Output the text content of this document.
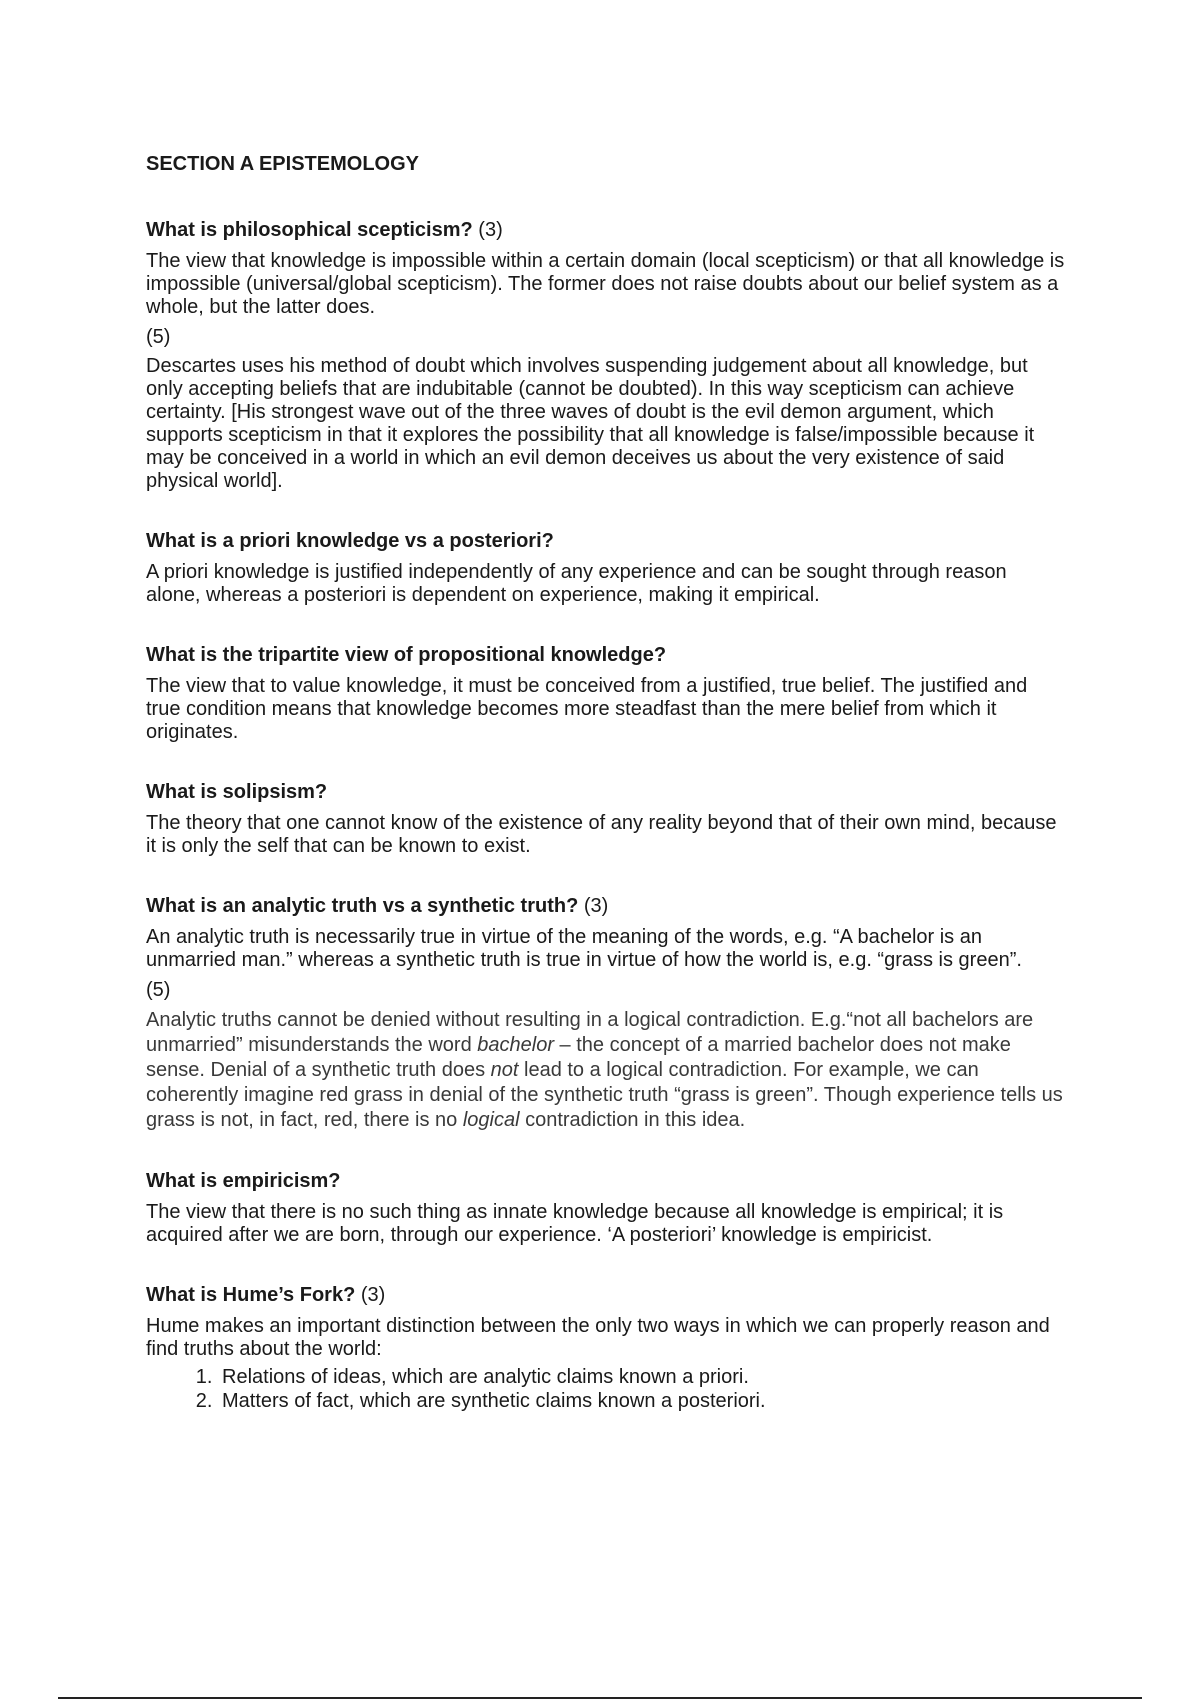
SECTION A EPISTEMOLOGY

What is philosophical scepticism? (3)

The view that knowledge is impossible within a certain domain (local scepticism) or that all knowledge is impossible (universal/global scepticism). The former does not raise doubts about our belief system as a whole, but the latter does.

(5)

Descartes uses his method of doubt which involves suspending judgement about all knowledge, but only accepting beliefs that are indubitable (cannot be doubted). In this way scepticism can achieve certainty. [His strongest wave out of the three waves of doubt is the evil demon argument, which supports scepticism in that it explores the possibility that all knowledge is false/impossible because it may be conceived in a world in which an evil demon deceives us about the very existence of said physical world].

What is a priori knowledge vs a posteriori?

A priori knowledge is justified independently of any experience and can be sought through reason alone, whereas a posteriori is dependent on experience, making it empirical.

What is the tripartite view of propositional knowledge?

The view that to value knowledge, it must be conceived from a justified, true belief. The justified and true condition means that knowledge becomes more steadfast than the mere belief from which it originates.

What is solipsism?

The theory that one cannot know of the existence of any reality beyond that of their own mind, because it is only the self that can be known to exist.

What is an analytic truth vs a synthetic truth? (3)

An analytic truth is necessarily true in virtue of the meaning of the words, e.g. “A bachelor is an unmarried man.” whereas a synthetic truth is true in virtue of how the world is, e.g. “grass is green”.

(5)

Analytic truths cannot be denied without resulting in a logical contradiction. E.g.“not all bachelors are unmarried” misunderstands the word bachelor – the concept of a married bachelor does not make sense. Denial of a synthetic truth does not lead to a logical contradiction. For example, we can coherently imagine red grass in denial of the synthetic truth “grass is green”. Though experience tells us grass is not, in fact, red, there is no logical contradiction in this idea.

What is empiricism?

The view that there is no such thing as innate knowledge because all knowledge is empirical; it is acquired after we are born, through our experience. ‘A posteriori’ knowledge is empiricist.

What is Hume’s Fork? (3)

Hume makes an important distinction between the only two ways in which we can properly reason and find truths about the world:

1. Relations of ideas, which are analytic claims known a priori.
2. Matters of fact, which are synthetic claims known a posteriori.
